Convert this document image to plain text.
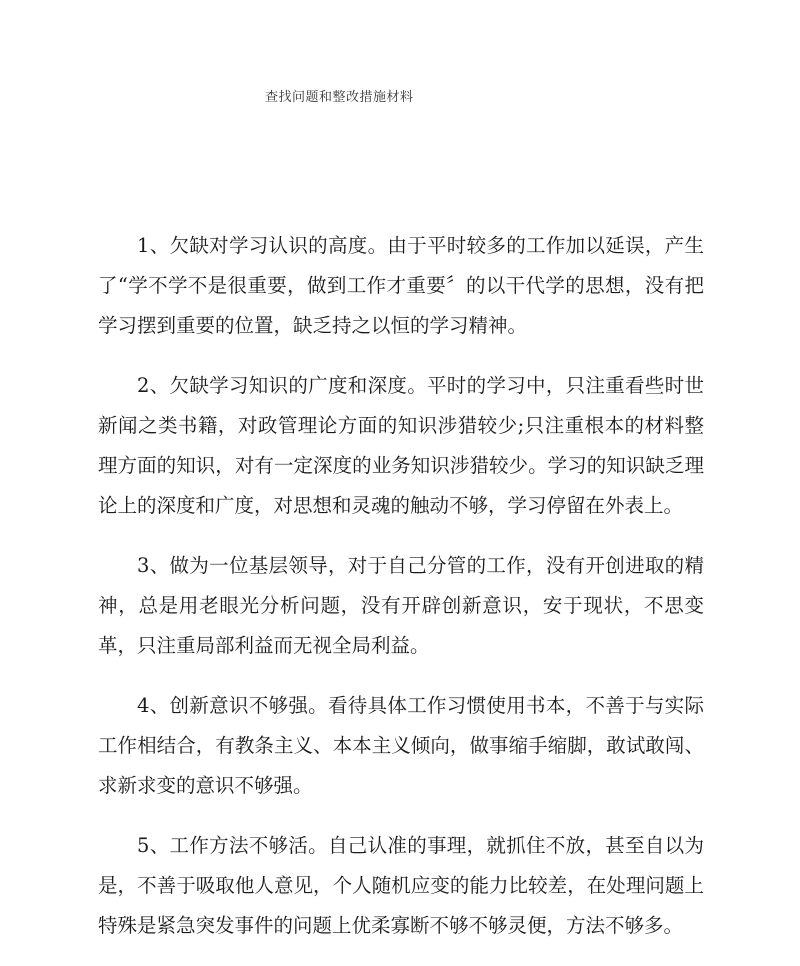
查找问题和整改措施材料

1、欠缺对学习认识的高度。由于平时较多的工作加以延误，产生了“学不学不是很重要，做到工作才重要〞的以干代学的思想，没有把学习摆到重要的位置，缺乏持之以恒的学习精神。

2、欠缺学习知识的广度和深度。平时的学习中，只注重看些时世新闻之类书籍，对政管理论方面的知识涉猎较少;只注重根本的材料整理方面的知识，对有一定深度的业务知识涉猎较少。学习的知识缺乏理论上的深度和广度，对思想和灵魂的触动不够，学习停留在外表上。

3、做为一位基层领导，对于自己分管的工作，没有开创进取的精神，总是用老眼光分析问题，没有开辟创新意识，安于现状，不思变革，只注重局部利益而无视全局利益。

4、创新意识不够强。看待具体工作习惯使用书本，不善于与实际工作相结合，有教条主义、本本主义倾向，做事缩手缩脚，敢试敢闯、求新求变的意识不够强。

5、工作方法不够活。自己认准的事理，就抓住不放，甚至自以为是，不善于吸取他人意见，个人随机应变的能力比较差，在处理问题上特殊是紧急突发事件的问题上优柔寡断不够不够灵便，方法不够多。
